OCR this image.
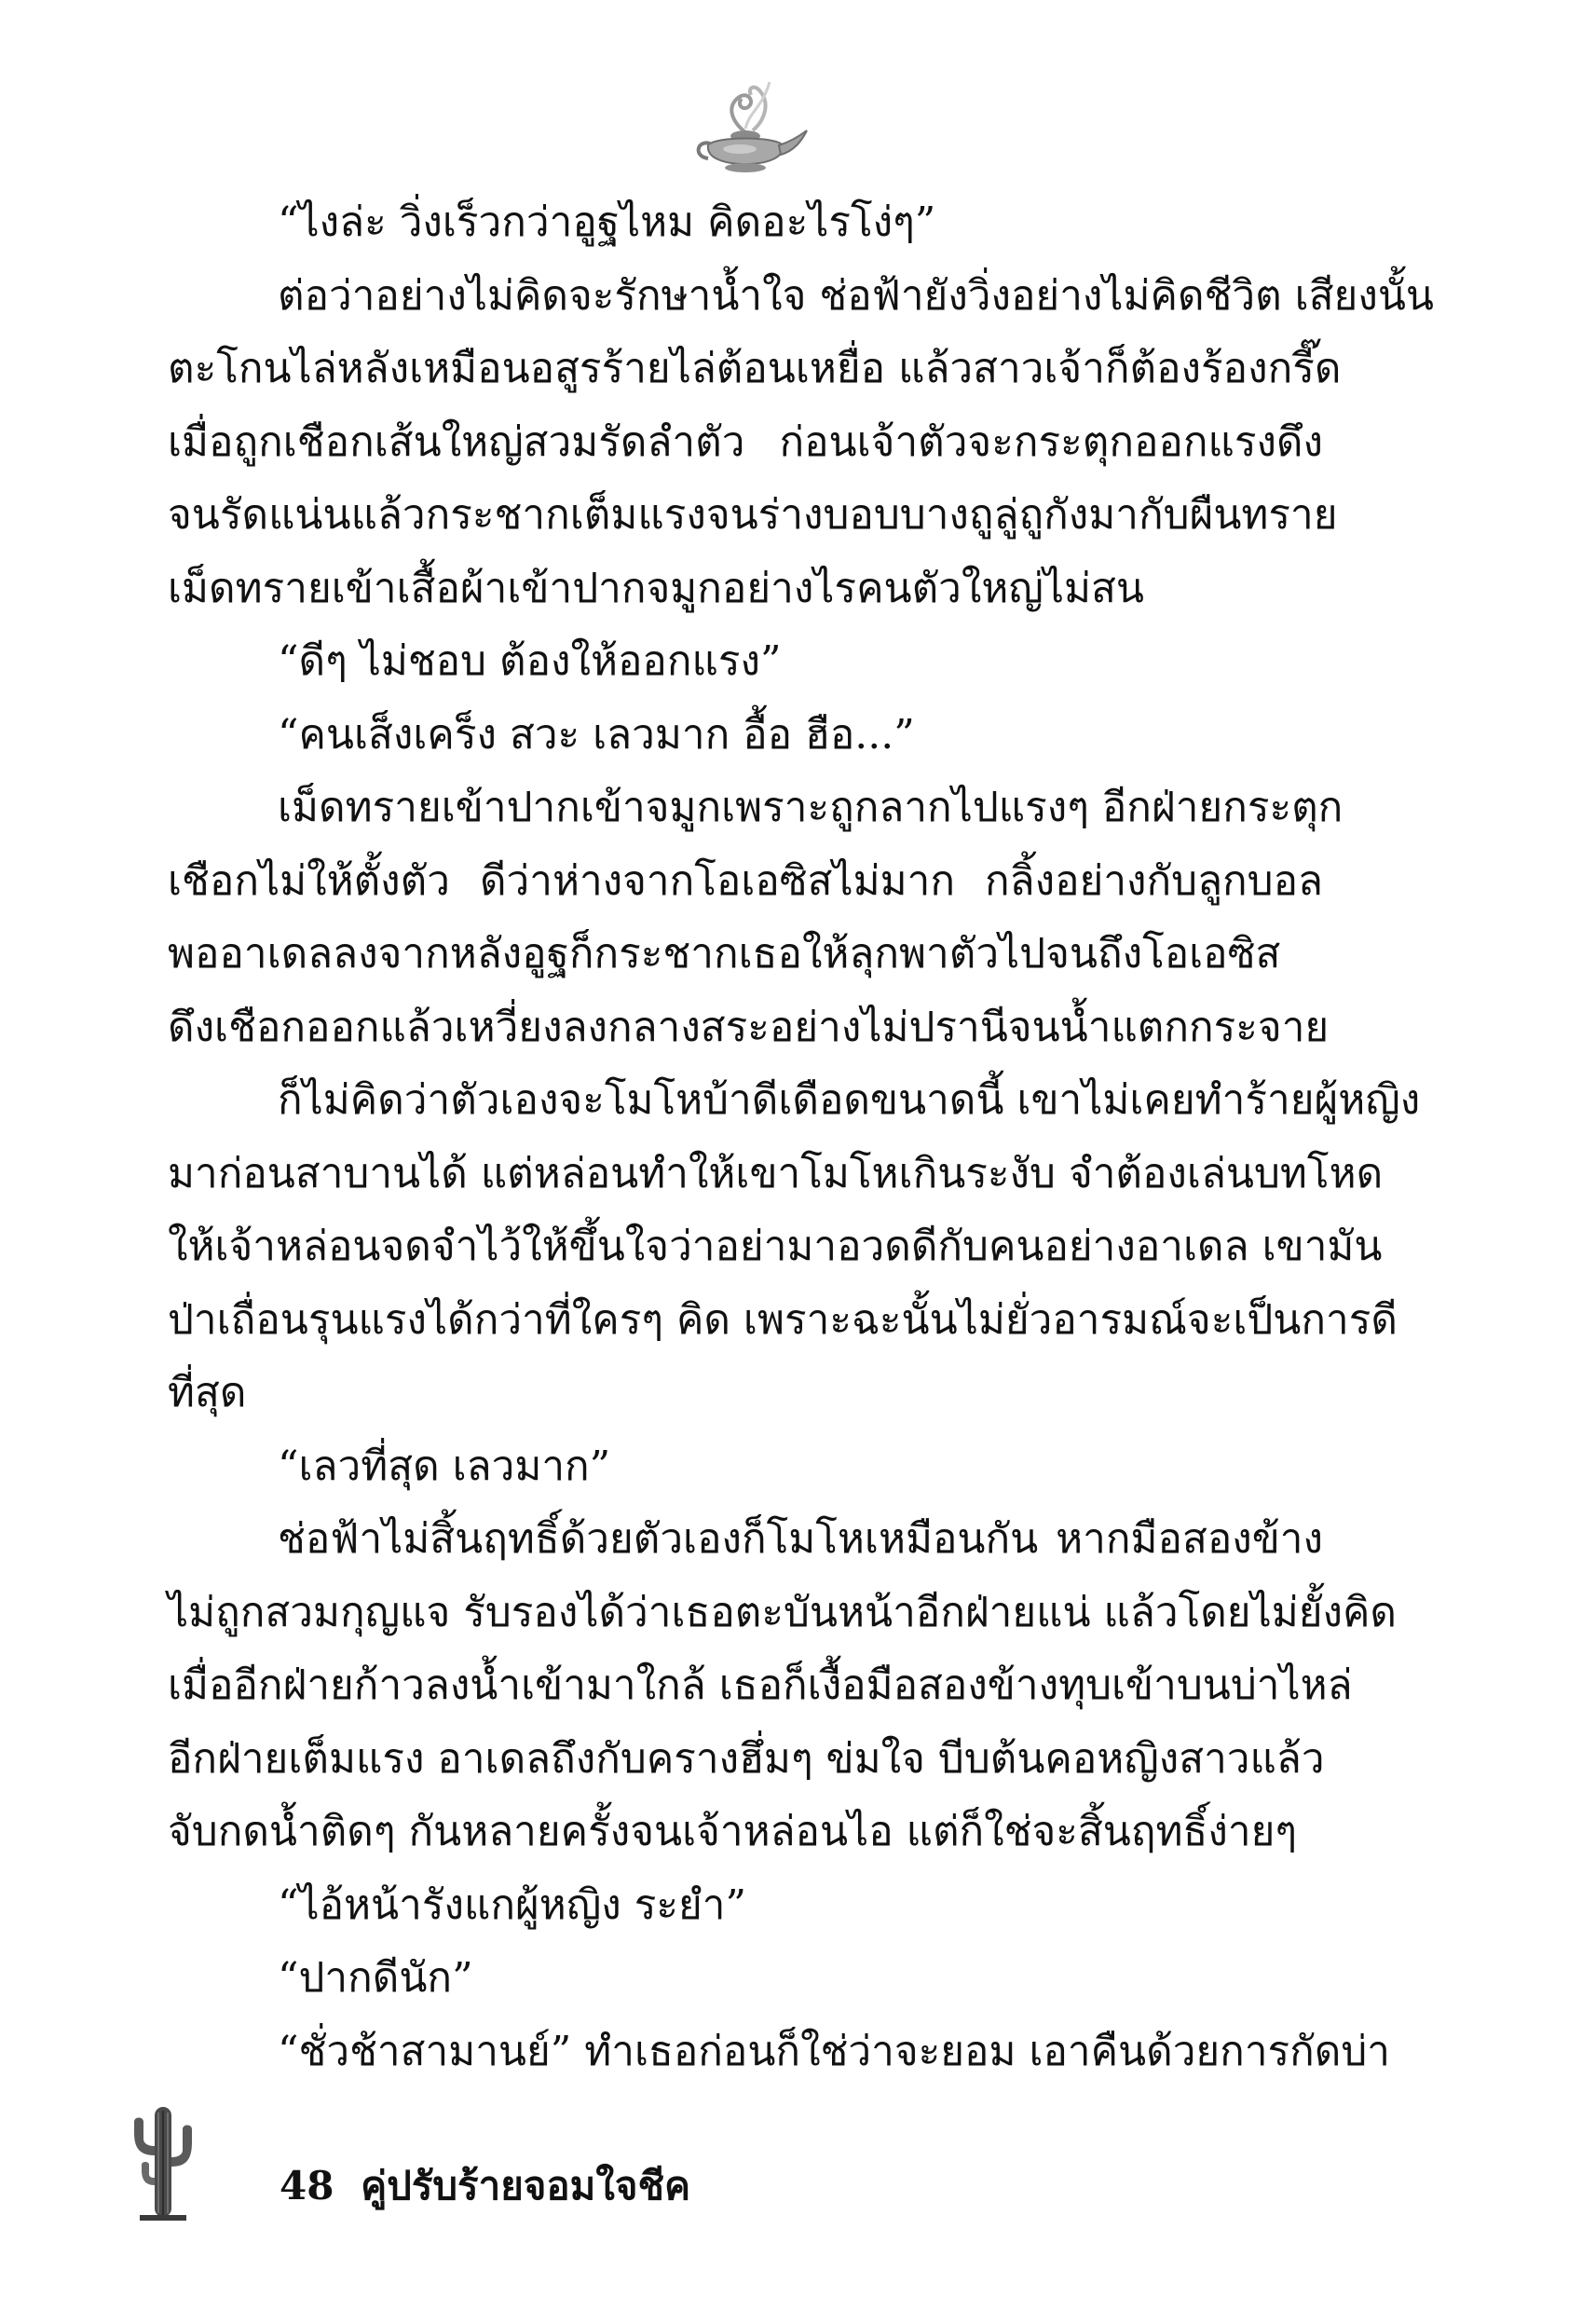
“ไงล่ะ วิ่งเร็วกว่าอูฐไหม คิดอะไรโง่ๆ”
ต่อว่าอย่างไม่คิดจะรักษาน้ำใจ ช่อฟ้ายังวิ่งอย่างไม่คิดชีวิต เสียงนั้น
ตะโกนไล่หลังเหมือนอสูรร้ายไล่ต้อนเหยื่อ แล้วสาวเจ้าก็ต้องร้องกรี๊ด
เมื่อถูกเชือกเส้นใหญ่สวมรัดลำตัว ก่อนเจ้าตัวจะกระตุกออกแรงดึง
จนรัดแน่นแล้วกระชากเต็มแรงจนร่างบอบบางถูลู่ถูกังมากับผืนทราย
เม็ดทรายเข้าเสื้อผ้าเข้าปากจมูกอย่างไรคนตัวใหญ่ไม่สน
“ดีๆ ไม่ชอบ ต้องให้ออกแรง”
“คนเส็งเคร็ง สวะ เลวมาก อื้อ ฮือ...”
เม็ดทรายเข้าปากเข้าจมูกเพราะถูกลากไปแรงๆ อีกฝ่ายกระตุก
เชือกไม่ให้ตั้งตัว ดีว่าห่างจากโอเอซิสไม่มาก กลิ้งอย่างกับลูกบอล
พออาเดลลงจากหลังอูฐก็กระชากเธอให้ลุกพาตัวไปจนถึงโอเอซิส
ดึงเชือกออกแล้วเหวี่ยงลงกลางสระอย่างไม่ปรานีจนน้ำแตกกระจาย
ก็ไม่คิดว่าตัวเองจะโมโหบ้าดีเดือดขนาดนี้ เขาไม่เคยทำร้ายผู้หญิง
มาก่อนสาบานได้ แต่หล่อนทำให้เขาโมโหเกินระงับ จำต้องเล่นบทโหด
ให้เจ้าหล่อนจดจำไว้ให้ขึ้นใจว่าอย่ามาอวดดีกับคนอย่างอาเดล เขามัน
ป่าเถื่อนรุนแรงได้กว่าที่ใครๆ คิด เพราะฉะนั้นไม่ยั่วอารมณ์จะเป็นการดี
ที่สุด
“เลวที่สุด เลวมาก”
ช่อฟ้าไม่สิ้นฤทธิ์ด้วยตัวเองก็โมโหเหมือนกัน หากมือสองข้าง
ไม่ถูกสวมกุญแจ รับรองได้ว่าเธอตะบันหน้าอีกฝ่ายแน่ แล้วโดยไม่ยั้งคิด
เมื่ออีกฝ่ายก้าวลงน้ำเข้ามาใกล้ เธอก็เงื้อมือสองข้างทุบเข้าบนบ่าไหล่
อีกฝ่ายเต็มแรง อาเดลถึงกับครางฮึ่มๆ ข่มใจ บีบต้นคอหญิงสาวแล้ว
จับกดน้ำติดๆ กันหลายครั้งจนเจ้าหล่อนไอ แต่ก็ใช่จะสิ้นฤทธิ์ง่ายๆ
“ไอ้หน้ารังแกผู้หญิง ระยำ”
“ปากดีนัก”
“ชั่วช้าสามานย์” ทำเธอก่อนก็ใช่ว่าจะยอม เอาคืนด้วยการกัดบ่า
48 คู่ปรับร้ายจอมใจชีค
